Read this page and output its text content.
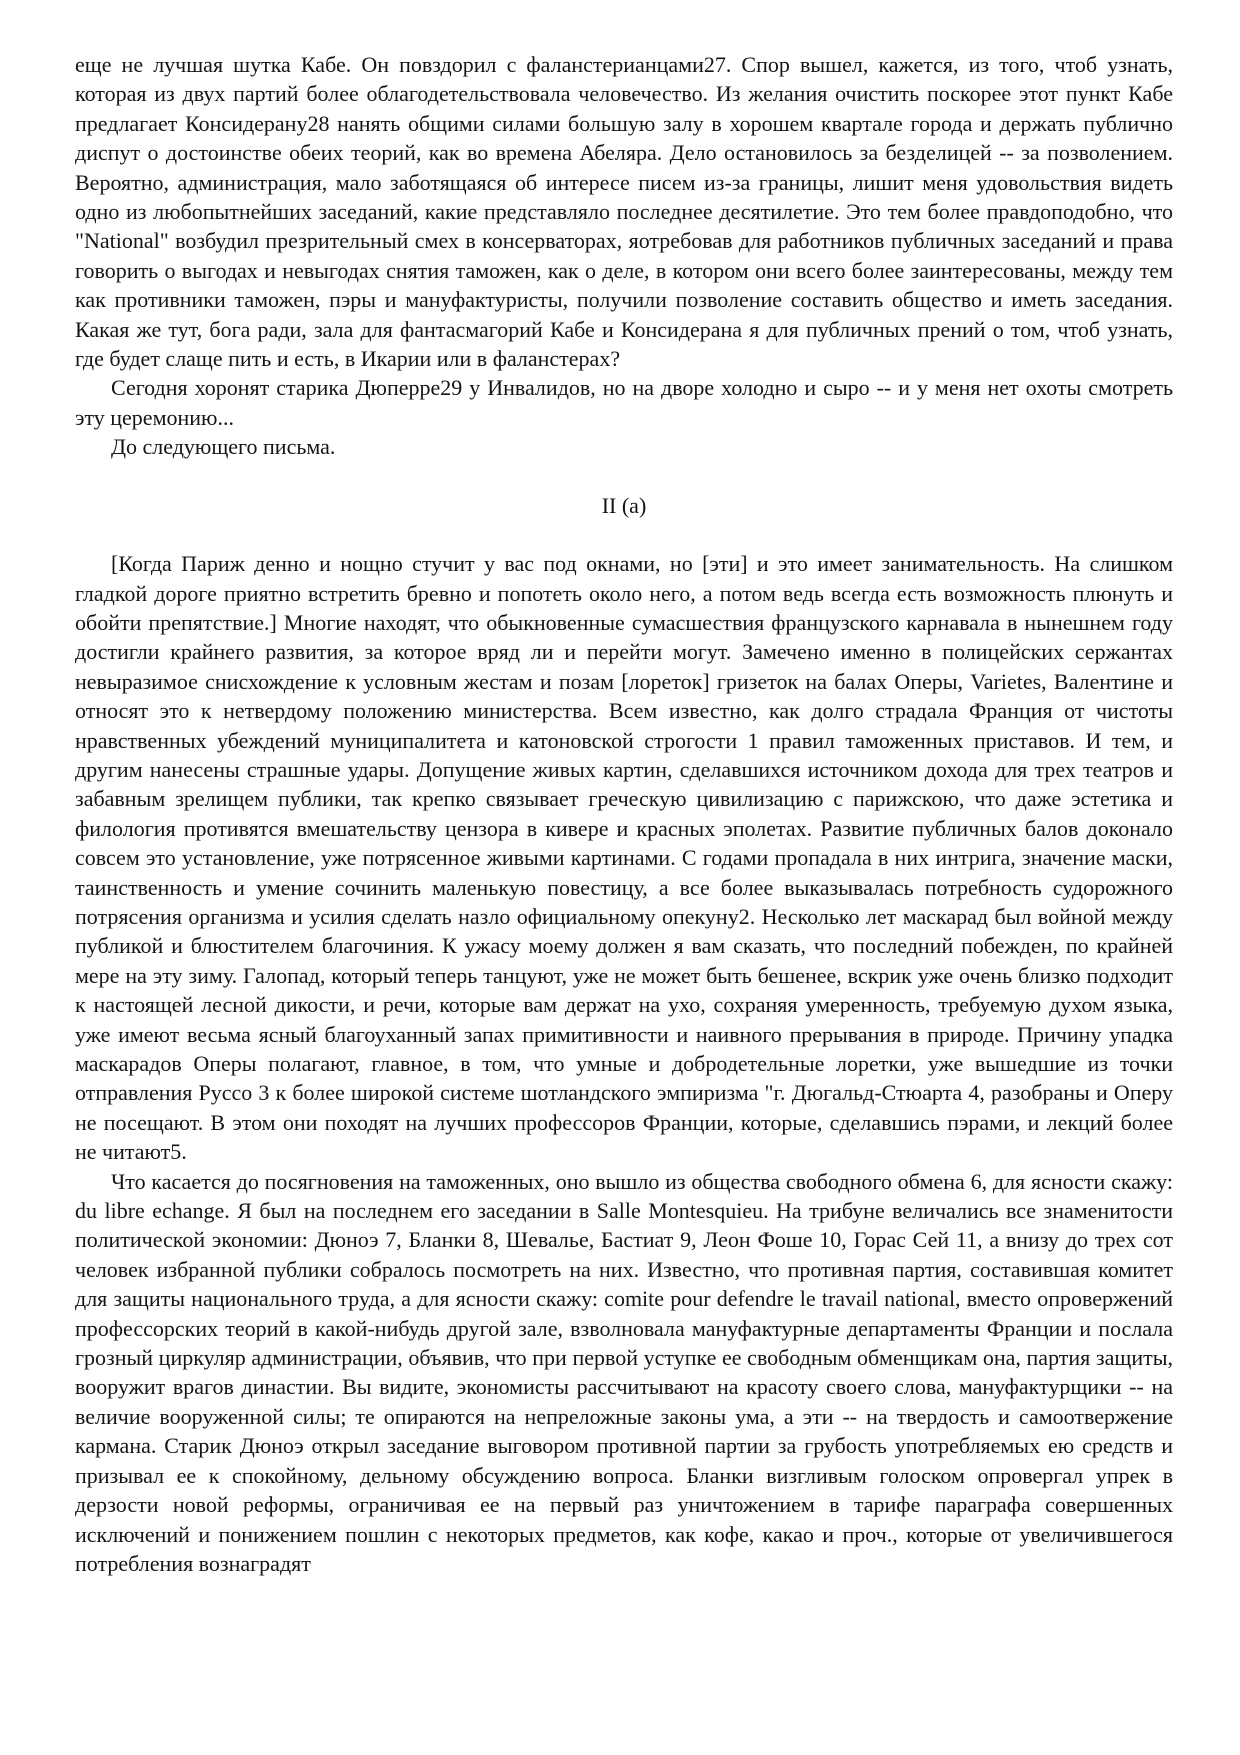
еще не лучшая шутка Кабе. Он повздорил с фаланстерианцами27. Спор вышел, кажется, из того, чтоб узнать, которая из двух партий более облагодетельствовала человечество. Из желания очистить поскорее этот пункт Кабе предлагает Консидерану28 нанять общими силами большую залу в хорошем квартале города и держать публично диспут о достоинстве обеих теорий, как во времена Абеляра. Дело остановилось за безделицей -- за позволением. Вероятно, администрация, мало заботящаяся об интересе писем из-за границы, лишит меня удовольствия видеть одно из любопытнейших заседаний, какие представляло последнее десятилетие. Это тем более правдоподобно, что "National" возбудил презрительный смех в консерваторах, яотребовав для работников публичных заседаний и права говорить о выгодах и невыгодах снятия таможен, как о деле, в котором они всего более заинтересованы, между тем как противники таможен, пэры и мануфактуристы, получили позволение составить общество и иметь заседания. Какая же тут, бога ради, зала для фантасмагорий Кабе и Консидерана я для публичных прений о том, чтоб узнать, где будет слаще пить и есть, в Икарии или в фаланстерах?

Сегодня хоронят старика Дюперре29 у Инвалидов, но на дворе холодно и сыро -- и у меня нет охоты смотреть эту церемонию...

До следующего письма.

II (а)

[Когда Париж денно и нощно стучит у вас под окнами, но [эти] и это имеет занимательность. На слишком гладкой дороге приятно встретить бревно и попотеть около него, а потом ведь всегда есть возможность плюнуть и обойти препятствие.] Многие находят, что обыкновенные сумасшествия французского карнавала в нынешнем году достигли крайнего развития, за которое вряд ли и перейти могут. Замечено именно в полицейских сержантах невыразимое снисхождение к условным жестам и позам [лореток] гризеток на балах Оперы, Varietes, Валентине и относят это к нетвердому положению министерства. Всем известно, как долго страдала Франция от чистоты нравственных убеждений муниципалитета и катоновской строгости 1 правил таможенных приставов. И тем, и другим нанесены страшные удары. Допущение живых картин, сделавшихся источником дохода для трех театров и забавным зрелищем публики, так крепко связывает греческую цивилизацию с парижскою, что даже эстетика и филология противятся вмешательству цензора в кивере и красных эполетах. Развитие публичных балов доконало совсем это установление, уже потрясенное живыми картинами. С годами пропадала в них интрига, значение маски, таинственность и умение сочинить маленькую повестицу, а все более выказывалась потребность судорожного потрясения организма и усилия сделать назло официальному опекуну2. Несколько лет маскарад был войной между публикой и блюстителем благочиния. К ужасу моему должен я вам сказать, что последний побежден, по крайней мере на эту зиму. Галопад, который теперь танцуют, уже не может быть бешенее, вскрик уже очень близко подходит к настоящей лесной дикости, и речи, которые вам держат на ухо, сохраняя умеренность, требуемую духом языка, уже имеют весьма ясный благоуханный запах примитивности и наивного прерывания в природе. Причину упадка маскарадов Оперы полагают, главное, в том, что умные и добродетельные лоретки, уже вышедшие из точки отправления Руссо 3 к более широкой системе шотландского эмпиризма "г. Дюгальд-Стюарта 4, разобраны и Оперу не посещают. В этом они походят на лучших профессоров Франции, которые, сделавшись пэрами, и лекций более не читают5.

Что касается до посягновения на таможенных, оно вышло из общества свободного обмена 6, для ясности скажу: du libre echange. Я был на последнем его заседании в Salle Montesquieu. На трибуне величались все знаменитости политической экономии: Дюноэ 7, Бланки 8, Шевалье, Бастиат 9, Леон Фоше 10, Горас Сей 11, а внизу до трех сот человек избранной публики собралось посмотреть на них. Известно, что противная партия, составившая комитет для защиты национального труда, а для ясности скажу: comite pour defendre le travail national, вместо опровержений профессорских теорий в какой-нибудь другой зале, взволновала мануфактурные департаменты Франции и послала грозный циркуляр администрации, объявив, что при первой уступке ее свободным обменщикам она, партия защиты, вооружит врагов династии. Вы видите, экономисты рассчитывают на красоту своего слова, мануфактурщики -- на величие вооруженной силы; те опираются на непреложные законы ума, а эти -- на твердость и самоотвержение кармана. Старик Дюноэ открыл заседание выговором противной партии за грубость употребляемых ею средств и призывал ее к спокойному, дельному обсуждению вопроса. Бланки визгливым голоском опровергал упрек в дерзости новой реформы, ограничивая ее на первый раз уничтожением в тарифе параграфа совершенных исключений и понижением пошлин с некоторых предметов, как кофе, какао и проч., которые от увеличившегося потребления вознаградят
